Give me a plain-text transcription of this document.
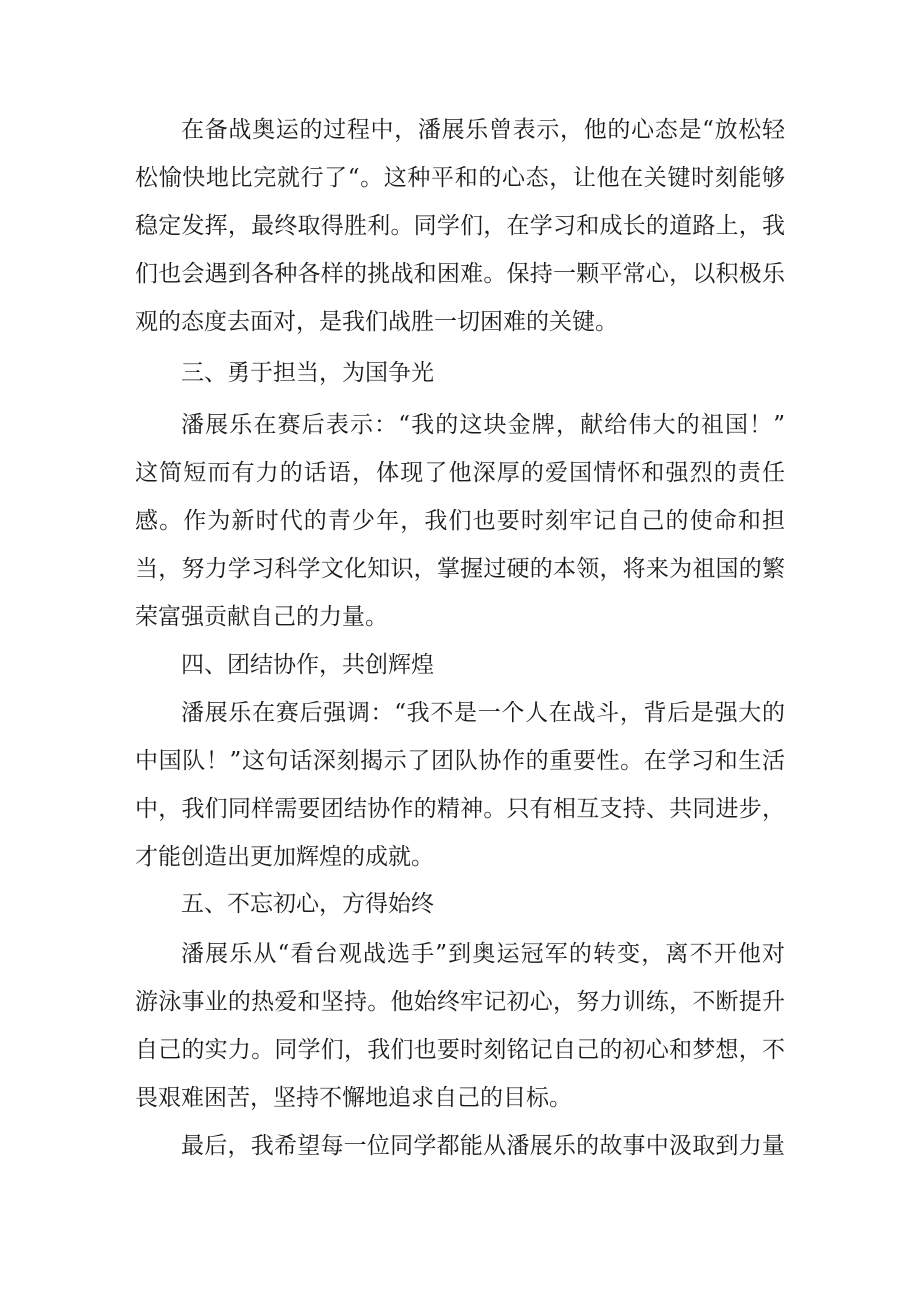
在备战奥运的过程中，潘展乐曾表示，他的心态是“放松轻

松愉快地比完就行了“。这种平和的心态，让他在关键时刻能够

稳定发挥，最终取得胜利。同学们，在学习和成长的道路上，我

们也会遇到各种各样的挑战和困难。保持一颗平常心，以积极乐

观的态度去面对，是我们战胜一切困难的关键。

三、勇于担当，为国争光

潘展乐在赛后表示：“我的这块金牌，献给伟大的祖国！”

这简短而有力的话语，体现了他深厚的爱国情怀和强烈的责任

感。作为新时代的青少年，我们也要时刻牢记自己的使命和担

当，努力学习科学文化知识，掌握过硬的本领，将来为祖国的繁

荣富强贡献自己的力量。

四、团结协作，共创辉煌

潘展乐在赛后强调：“我不是一个人在战斗，背后是强大的

中国队！”这句话深刻揭示了团队协作的重要性。在学习和生活

中，我们同样需要团结协作的精神。只有相互支持、共同进步，

才能创造出更加辉煌的成就。

五、不忘初心，方得始终

潘展乐从“看台观战选手”到奥运冠军的转变，离不开他对

游泳事业的热爱和坚持。他始终牢记初心，努力训练，不断提升

自己的实力。同学们，我们也要时刻铭记自己的初心和梦想，不

畏艰难困苦，坚持不懈地追求自己的目标。

最后，我希望每一位同学都能从潘展乐的故事中汲取到力量
